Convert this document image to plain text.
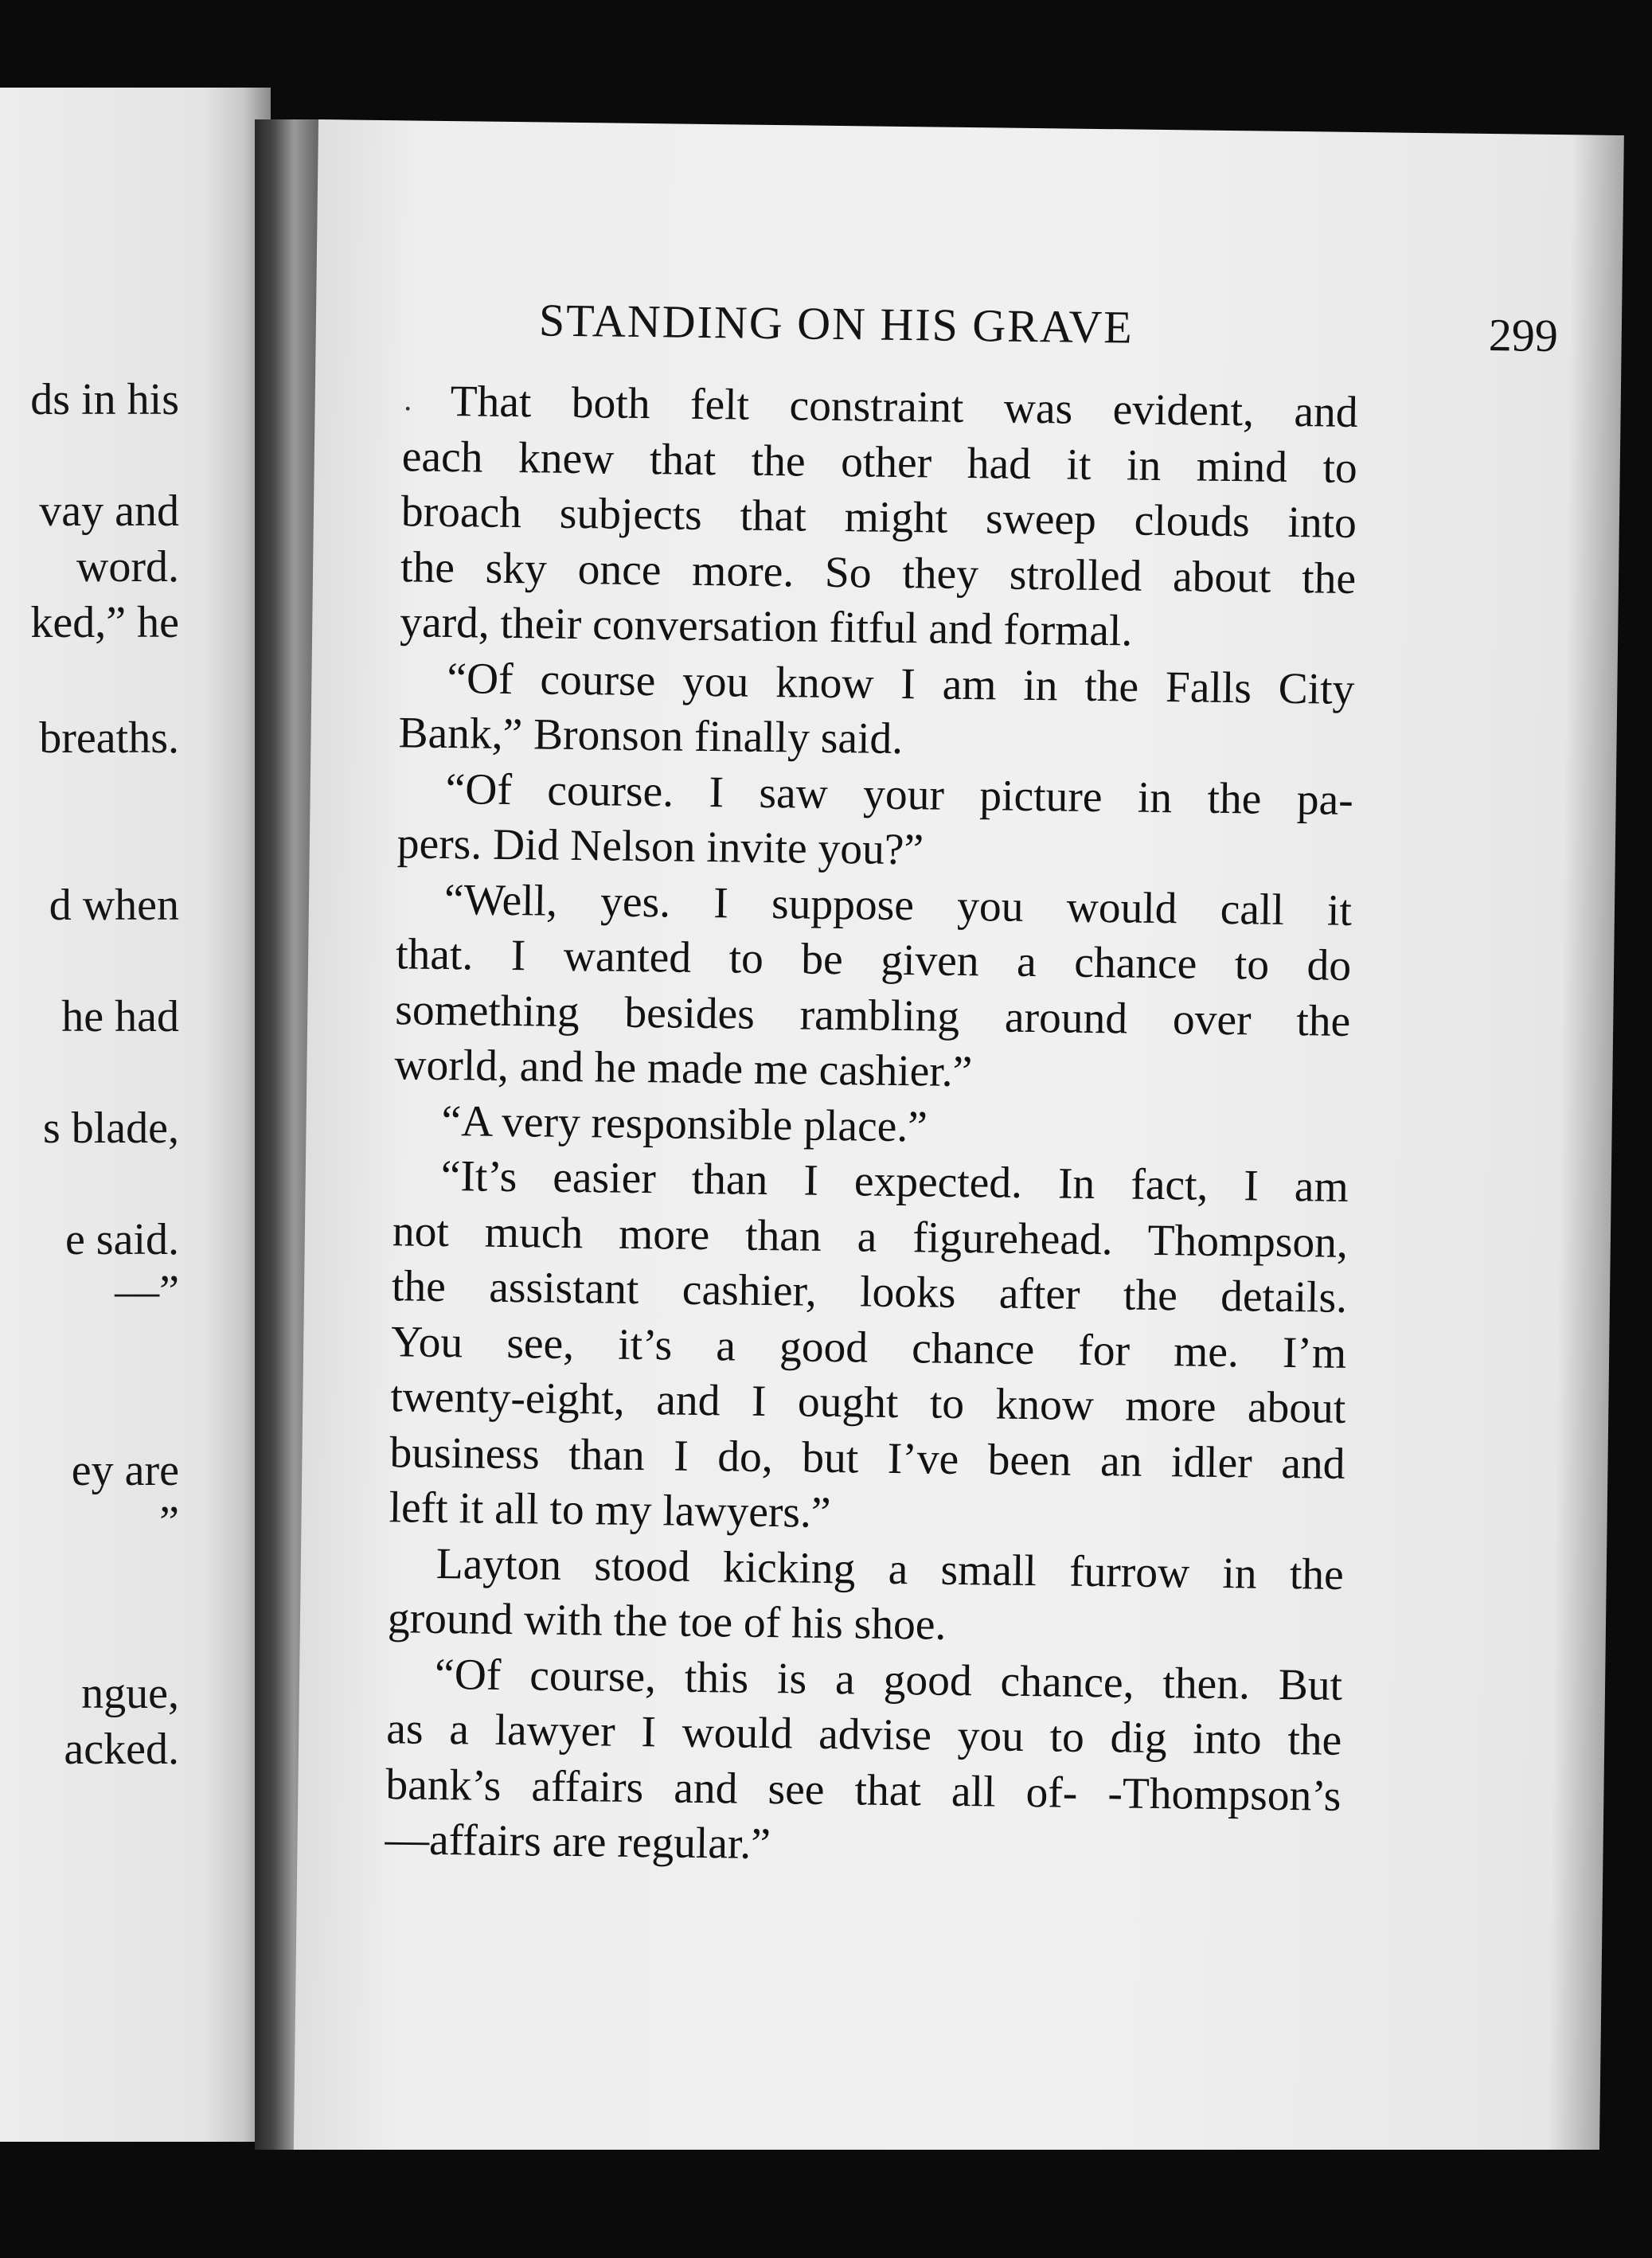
ds in his
vay and
word.
ked,” he
breaths.
d when
he had
s blade,
e said.
—”
ey are
”
ngue,
acked.
STANDING ON HIS GRAVE	299
· That both felt constraint was evident, and
each knew that the other had it in mind to
broach subjects that might sweep clouds into
the sky once more. So they strolled about the
yard, their conversation fitful and formal.
“Of course you know I am in the Falls City
Bank,” Bronson finally said.
“Of course. I saw your picture in the pa-
pers. Did Nelson invite you?”
“Well, yes. I suppose you would call it
that. I wanted to be given a chance to do
something besides rambling around over the
world, and he made me cashier.”
“A very responsible place.”
“It’s easier than I expected. In fact, I am
not much more than a figurehead. Thompson,
the assistant cashier, looks after the details.
You see, it’s a good chance for me. I’m
twenty-eight, and I ought to know more about
business than I do, but I’ve been an idler and
left it all to my lawyers.”
Layton stood kicking a small furrow in the
ground with the toe of his shoe.
“Of course, this is a good chance, then. But
as a lawyer I would advise you to dig into the
bank’s affairs and see that all of- -Thompson’s
—affairs are regular.”
